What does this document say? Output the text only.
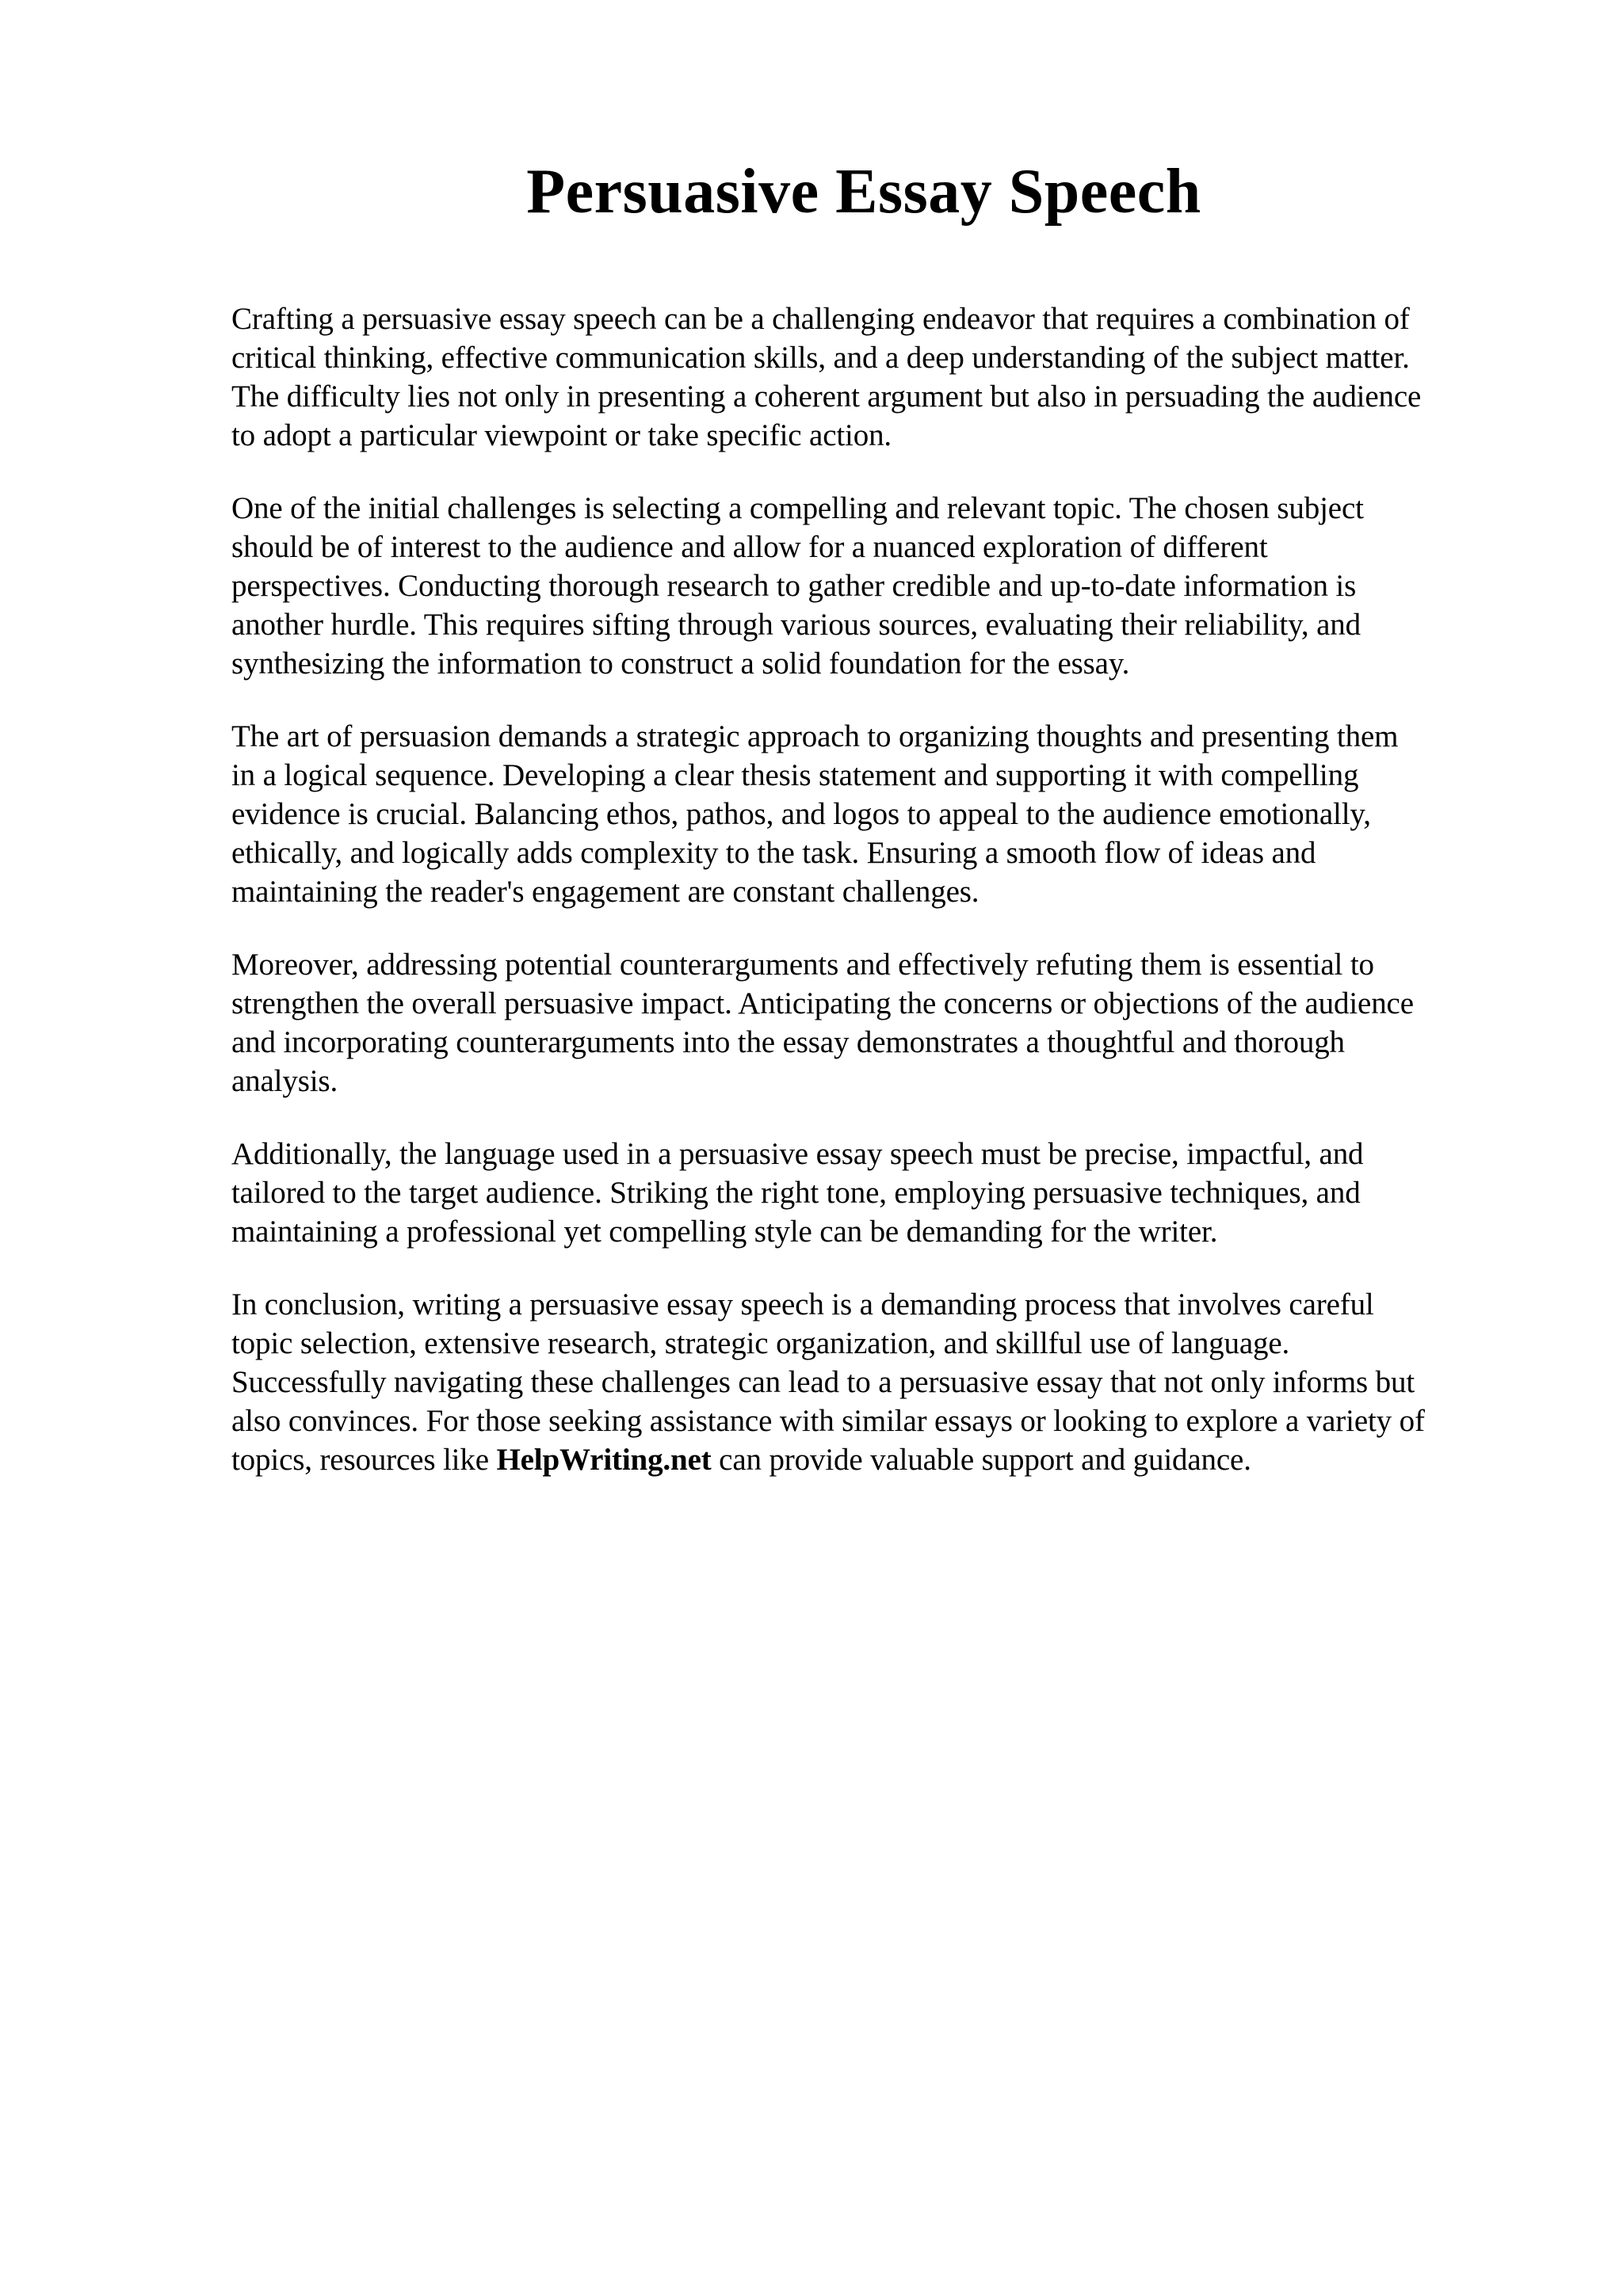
Persuasive Essay Speech

Crafting a persuasive essay speech can be a challenging endeavor that requires a combination of
critical thinking, effective communication skills, and a deep understanding of the subject matter.
The difficulty lies not only in presenting a coherent argument but also in persuading the audience
to adopt a particular viewpoint or take specific action.

One of the initial challenges is selecting a compelling and relevant topic. The chosen subject
should be of interest to the audience and allow for a nuanced exploration of different
perspectives. Conducting thorough research to gather credible and up-to-date information is
another hurdle. This requires sifting through various sources, evaluating their reliability, and
synthesizing the information to construct a solid foundation for the essay.

The art of persuasion demands a strategic approach to organizing thoughts and presenting them
in a logical sequence. Developing a clear thesis statement and supporting it with compelling
evidence is crucial. Balancing ethos, pathos, and logos to appeal to the audience emotionally,
ethically, and logically adds complexity to the task. Ensuring a smooth flow of ideas and
maintaining the reader's engagement are constant challenges.

Moreover, addressing potential counterarguments and effectively refuting them is essential to
strengthen the overall persuasive impact. Anticipating the concerns or objections of the audience
and incorporating counterarguments into the essay demonstrates a thoughtful and thorough
analysis.

Additionally, the language used in a persuasive essay speech must be precise, impactful, and
tailored to the target audience. Striking the right tone, employing persuasive techniques, and
maintaining a professional yet compelling style can be demanding for the writer.

In conclusion, writing a persuasive essay speech is a demanding process that involves careful
topic selection, extensive research, strategic organization, and skillful use of language.
Successfully navigating these challenges can lead to a persuasive essay that not only informs but
also convinces. For those seeking assistance with similar essays or looking to explore a variety of
topics, resources like HelpWriting.net can provide valuable support and guidance.
